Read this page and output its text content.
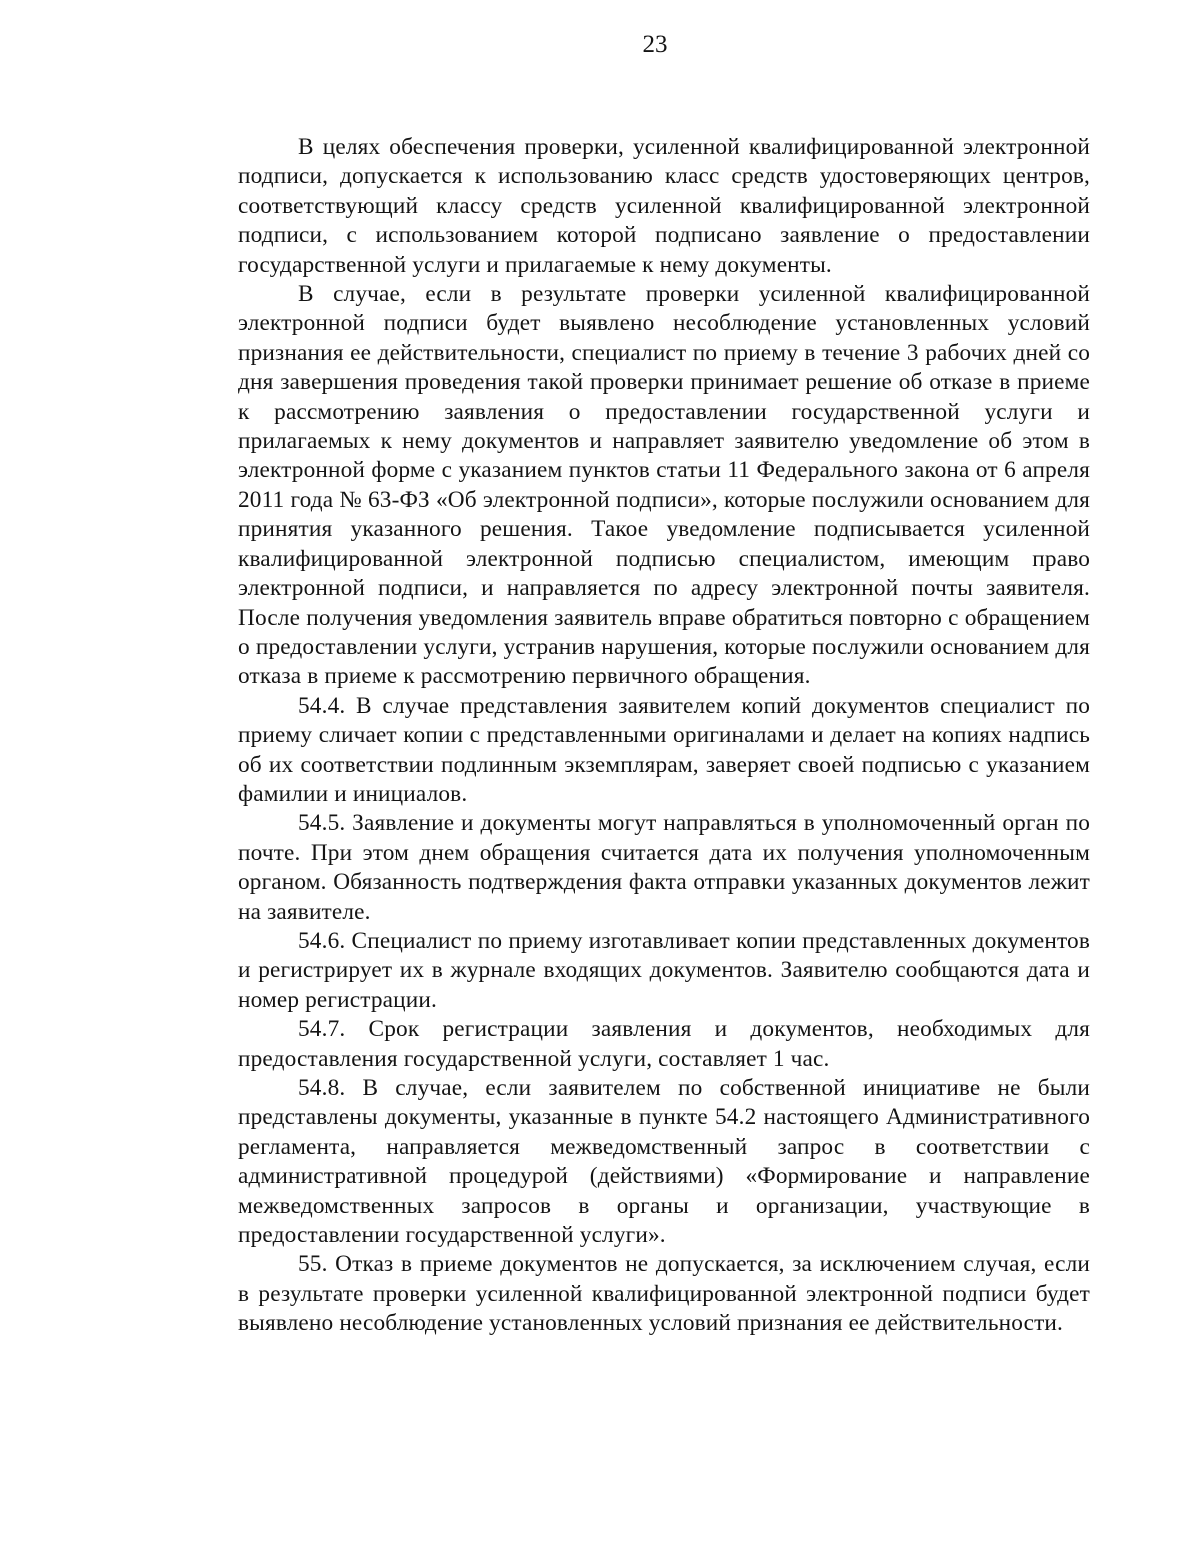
23

В целях обеспечения проверки, усиленной квалифицированной электронной подписи, допускается к использованию класс средств удостоверяющих центров, соответствующий классу средств усиленной квалифицированной электронной подписи, с использованием которой подписано заявление о предоставлении государственной услуги и прилагаемые к нему документы.

В случае, если в результате проверки усиленной квалифицированной электронной подписи будет выявлено несоблюдение установленных условий признания ее действительности, специалист по приему в течение 3 рабочих дней со дня завершения проведения такой проверки принимает решение об отказе в приеме к рассмотрению заявления о предоставлении государственной услуги и прилагаемых к нему документов и направляет заявителю уведомление об этом в электронной форме с указанием пунктов статьи 11 Федерального закона от 6 апреля 2011 года № 63-ФЗ «Об электронной подписи», которые послужили основанием для принятия указанного решения. Такое уведомление подписывается усиленной квалифицированной электронной подписью специалистом, имеющим право электронной подписи, и направляется по адресу электронной почты заявителя. После получения уведомления заявитель вправе обратиться повторно с обращением о предоставлении услуги, устранив нарушения, которые послужили основанием для отказа в приеме к рассмотрению первичного обращения.

54.4. В случае представления заявителем копий документов специалист по приему сличает копии с представленными оригиналами и делает на копиях надпись об их соответствии подлинным экземплярам, заверяет своей подписью с указанием фамилии и инициалов.

54.5. Заявление и документы могут направляться в уполномоченный орган по почте. При этом днем обращения считается дата их получения уполномоченным органом. Обязанность подтверждения факта отправки указанных документов лежит на заявителе.

54.6. Специалист по приему изготавливает копии представленных документов и регистрирует их в журнале входящих документов. Заявителю сообщаются дата и номер регистрации.

54.7. Срок регистрации заявления и документов, необходимых для предоставления государственной услуги, составляет 1 час.

54.8. В случае, если заявителем по собственной инициативе не были представлены документы, указанные в пункте 54.2 настоящего Административного регламента, направляется межведомственный запрос в соответствии с административной процедурой (действиями) «Формирование и направление межведомственных запросов в органы и организации, участвующие в предоставлении государственной услуги».

55. Отказ в приеме документов не допускается, за исключением случая, если в результате проверки усиленной квалифицированной электронной подписи будет выявлено несоблюдение установленных условий признания ее действительности.
